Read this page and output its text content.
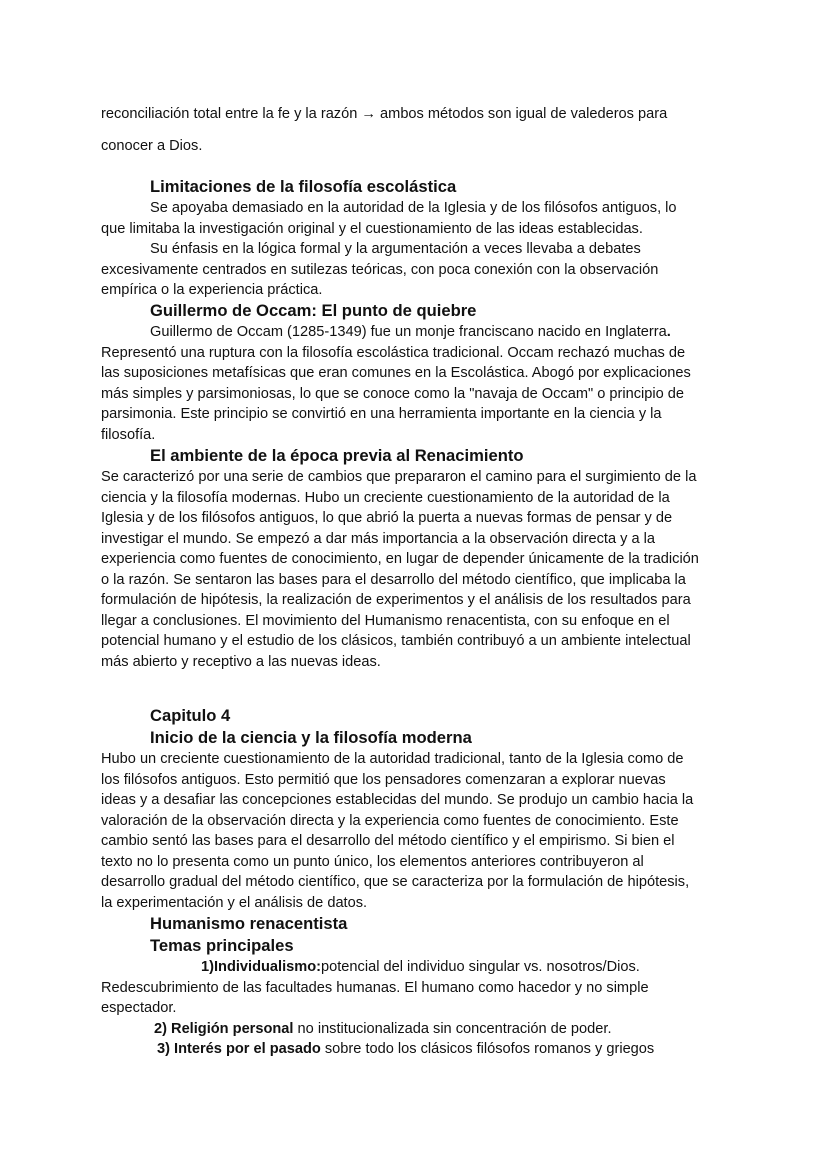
reconciliación total entre la fe y la razón → ambos métodos son igual de valederos para
conocer a Dios.
Limitaciones de la filosofía escolástica
Se apoyaba demasiado en la autoridad de la Iglesia y de los filósofos antiguos, lo
que limitaba la investigación original y el cuestionamiento de las ideas establecidas.
Su énfasis en la lógica formal y la argumentación a veces llevaba a debates
excesivamente centrados en sutilezas teóricas, con poca conexión con la observación
empírica o la experiencia práctica.
Guillermo de Occam: El punto de quiebre
Guillermo de Occam (1285-1349) fue un monje franciscano nacido en Inglaterra.
Representó una ruptura con la filosofía escolástica tradicional. Occam rechazó muchas de
las suposiciones metafísicas que eran comunes en la Escolástica. Abogó por explicaciones
más simples y parsimoniosas, lo que se conoce como la "navaja de Occam" o principio de
parsimonia. Este principio se convirtió en una herramienta importante en la ciencia y la
filosofía.
El ambiente de la época previa al Renacimiento
Se caracterizó por una serie de cambios que prepararon el camino para el surgimiento de la
ciencia y la filosofía modernas. Hubo un creciente cuestionamiento de la autoridad de la
Iglesia y de los filósofos antiguos, lo que abrió la puerta a nuevas formas de pensar y de
investigar el mundo. Se empezó a dar más importancia a la observación directa y a la
experiencia como fuentes de conocimiento, en lugar de depender únicamente de la tradición
o la razón. Se sentaron las bases para el desarrollo del método científico, que implicaba la
formulación de hipótesis, la realización de experimentos y el análisis de los resultados para
llegar a conclusiones. El movimiento del Humanismo renacentista, con su enfoque en el
potencial humano y el estudio de los clásicos, también contribuyó a un ambiente intelectual
más abierto y receptivo a las nuevas ideas.
Capitulo 4
Inicio de la ciencia y la filosofía moderna
Hubo un creciente cuestionamiento de la autoridad tradicional, tanto de la Iglesia como de
los filósofos antiguos. Esto permitió que los pensadores comenzaran a explorar nuevas
ideas y a desafiar las concepciones establecidas del mundo. Se produjo un cambio hacia la
valoración de la observación directa y la experiencia como fuentes de conocimiento. Este
cambio sentó las bases para el desarrollo del método científico y el empirismo. Si bien el
texto no lo presenta como un punto único, los elementos anteriores contribuyeron al
desarrollo gradual del método científico, que se caracteriza por la formulación de hipótesis,
la experimentación y el análisis de datos.
Humanismo renacentista
Temas principales
1)Individualismo:potencial del individuo singular vs. nosotros/Dios.
Redescubrimiento de las facultades humanas. El humano como hacedor y no simple
espectador.
2) Religión personal no institucionalizada sin concentración de poder.
3) Interés por el pasado sobre todo los clásicos filósofos romanos y griegos
